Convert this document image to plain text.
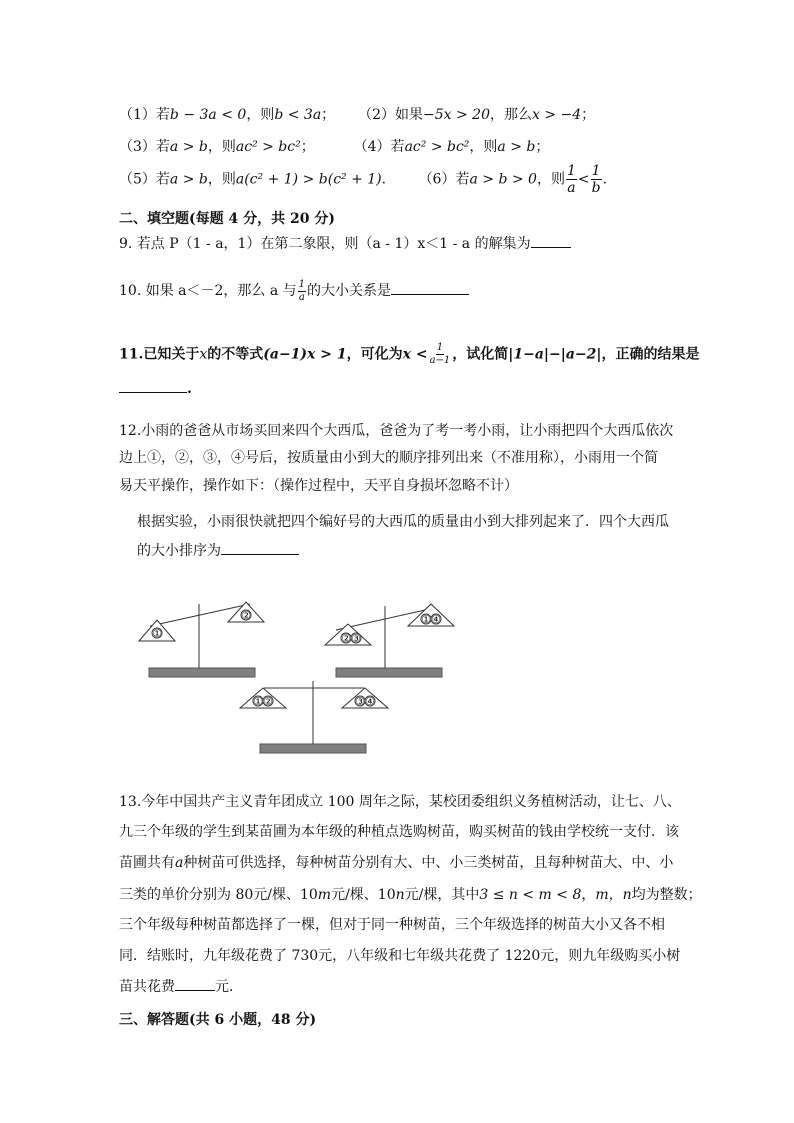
（1）若b − 3a < 0，则b < 3a； （2）如果−5x > 20，那么x > −4；
（3）若a > b，则ac² > bc²；	（4）若ac² > bc²，则a > b；
（5）若a > b，则a(c² + 1) > b(c² + 1)． （6）若a > b > 0，则 $\frac{1}{a} < \frac{1}{b}$ ．
二、填空题(每题 4 分，共 20 分)
9. 若点 P（1 - a，1）在第二象限，则（a - 1）x＜1 - a 的解集为
10. 如果 a＜－2，那么 a 与 $\frac{1}{a}$ 的大小关系是
11.已知关于x的不等式(a−1)x > 1，可化为$x < \frac{1}{a-1}$ ，试化简|1−a|−|a−2|，正确的结果是
.
12.小雨的爸爸从市场买回来四个大西瓜，爸爸为了考一考小雨，让小雨把四个大西瓜依次
边上①，②，③，④号后，按质量由小到大的顺序排列出来（不准用称），小雨用一个简
易天平操作，操作如下：（操作过程中，天平自身损坏忽略不计）
根据实验，小雨很快就把四个编好号的大西瓜的质量由小到大排列起来了．四个大西瓜
的大小排序为
①
②
②③
①④
①②	③④
13.今年中国共产主义青年团成立 100 周年之际，某校团委组织义务植树活动，让七、八、
九三个年级的学生到某苗圃为本年级的种植点选购树苗，购买树苗的钱由学校统一支付．该
苗圃共有a种树苗可供选择，每种树苗分别有大、中、小三类树苗，且每种树苗大、中、小
三类的单价分别为 80元/棵、10m元/棵、10n元/棵，其中3 ≤ n < m < 8，m，n均为整数；
三个年级每种树苗都选择了一棵，但对于同一种树苗，三个年级选择的树苗大小又各不相
同．结账时，九年级花费了 730元，八年级和七年级共花费了 1220元，则九年级购买小树
苗共花费	元．
三、解答题(共 6 小题，48 分)
